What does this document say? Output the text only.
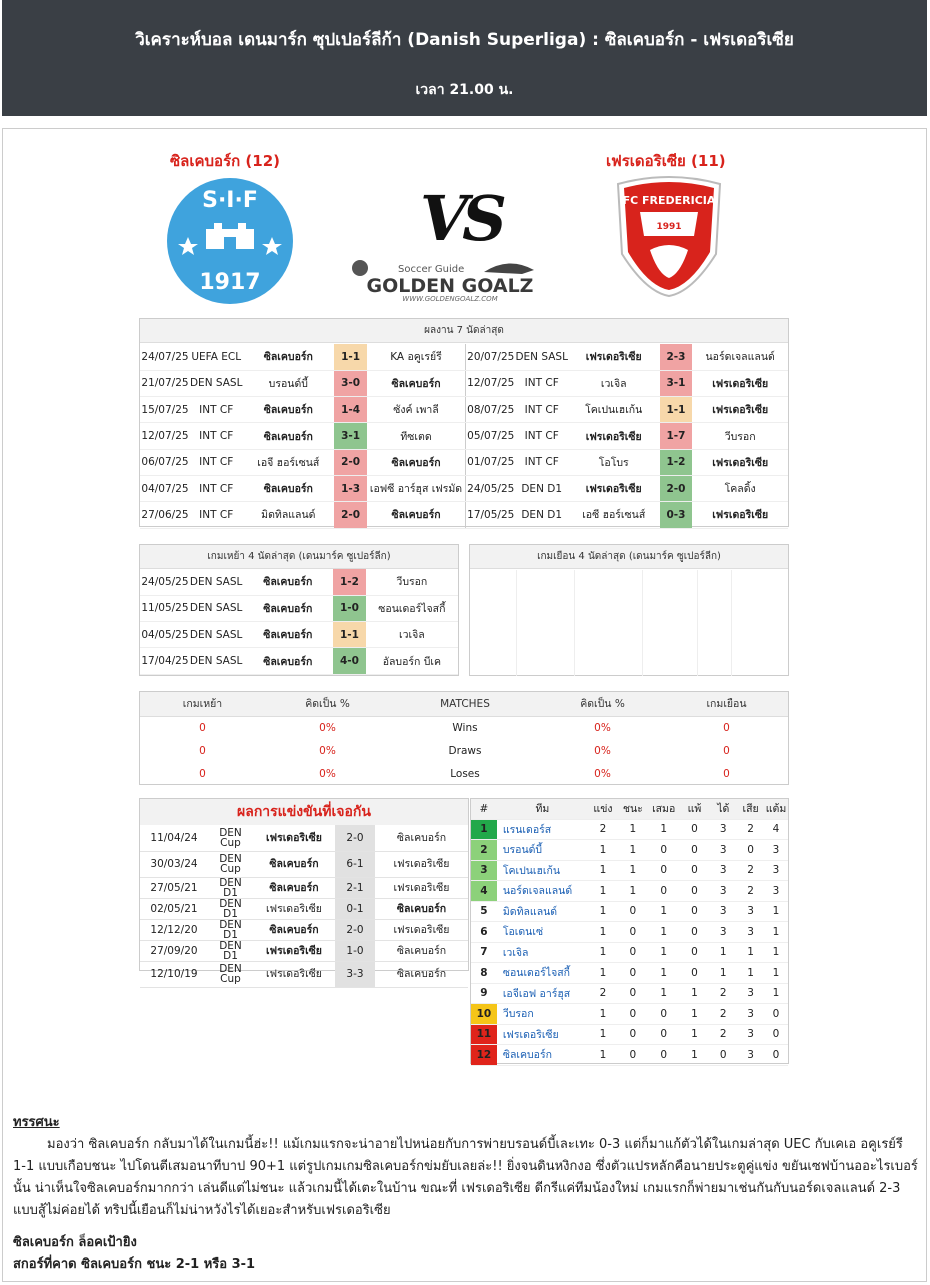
วิเคราะห์บอล เดนมาร์ก ซุปเปอร์ลีก้า (Danish Superliga) : ซิลเคบอร์ก - เฟรเดอริเซีย
เวลา 21.00 น.
ซิลเคบอร์ก (12)	เฟรเดอริเซีย (11)
S·I·F
1917
VS
Soccer Guide
GOLDEN GOALZ
WWW.GOLDENGOALZ.COM
FC FREDERICIA
1991
ผลงาน 7 นัดล่าสุด
24/07/25	UEFA ECL	ซิลเคบอร์ก	1-1	KA อคูเรย์รี
21/07/25	DEN SASL	บรอนด์บี้	3-0	ซิลเคบอร์ก
15/07/25	INT CF	ซิลเคบอร์ก	1-4	ซังค์ เพาลี
12/07/25	INT CF	ซิลเคบอร์ก	3-1	ทีซเตด
06/07/25	INT CF	เอจี ฮอร์เซนส์	2-0	ซิลเคบอร์ก
04/07/25	INT CF	ซิลเคบอร์ก	1-3	เอฟซี อาร์ฮุส เฟรมัด
27/06/25	INT CF	มิดทิลแลนด์	2-0	ซิลเคบอร์ก
20/07/25	DEN SASL	เฟรเดอริเซีย	2-3	นอร์ดเจลแลนด์
12/07/25	INT CF	เวเจิล	3-1	เฟรเดอริเซีย
08/07/25	INT CF	โคเปนเฮเก้น	1-1	เฟรเดอริเซีย
05/07/25	INT CF	เฟรเดอริเซีย	1-7	วีบรอก
01/07/25	INT CF	โอโบร	1-2	เฟรเดอริเซีย
24/05/25	DEN D1	เฟรเดอริเซีย	2-0	โคลดิ้ง
17/05/25	DEN D1	เอซี ฮอร์เซนส์	0-3	เฟรเดอริเซีย
เกมเหย้า 4 นัดล่าสุด (เดนมาร์ค ซูเปอร์ลีก)
24/05/25	DEN SASL	ซิลเคบอร์ก	1-2	วีบรอก
11/05/25	DEN SASL	ซิลเคบอร์ก	1-0	ซอนเดอร์ไจสกี้
04/05/25	DEN SASL	ซิลเคบอร์ก	1-1	เวเจิล
17/04/25	DEN SASL	ซิลเคบอร์ก	4-0	อัลบอร์ก บีเค
เกมเยือน 4 นัดล่าสุด (เดนมาร์ค ซูเปอร์ลีก)
เกมเหย้า	คิดเป็น %	MATCHES	คิดเป็น %	เกมเยือน
0	0%	Wins	0%	0
0	0%	Draws	0%	0
0	0%	Loses	0%	0
ผลการแข่งขันที่เจอกัน
11/04/24	DEN Cup	เฟรเดอริเซีย	2-0	ซิลเคบอร์ก
30/03/24	DEN Cup	ซิลเคบอร์ก	6-1	เฟรเดอริเซีย
27/05/21	DEN D1	ซิลเคบอร์ก	2-1	เฟรเดอริเซีย
02/05/21	DEN D1	เฟรเดอริเซีย	0-1	ซิลเคบอร์ก
12/12/20	DEN D1	ซิลเคบอร์ก	2-0	เฟรเดอริเซีย
27/09/20	DEN D1	เฟรเดอริเซีย	1-0	ซิลเคบอร์ก
12/10/19	DEN Cup	เฟรเดอริเซีย	3-3	ซิลเคบอร์ก
#	ทีม	แข่ง	ชนะ	เสมอ	แพ้	ได้	เสีย	แต้ม
1	แรนเดอร์ส	2	1	1	0	3	2	4
2	บรอนด์บี้	1	1	0	0	3	0	3
3	โคเปนเฮเก้น	1	1	0	0	3	2	3
4	นอร์ดเจลแลนด์	1	1	0	0	3	2	3
5	มิดทิลแลนด์	1	0	1	0	3	3	1
6	โอเดนเซ่	1	0	1	0	3	3	1
7	เวเจิล	1	0	1	0	1	1	1
8	ซอนเดอร์ไจสกี้	1	0	1	0	1	1	1
9	เอจีเอฟ อาร์ฮุส	2	0	1	1	2	3	1
10	วีบรอก	1	0	0	1	2	3	0
11	เฟรเดอริเซีย	1	0	0	1	2	3	0
12	ซิลเคบอร์ก	1	0	0	1	0	3	0
ทรรศนะ

มองว่า ซิลเคบอร์ก กลับมาได้ในเกมนี้ฮ่ะ!! แม้เกมแรกจะน่าอายไปหน่อยกับการพ่ายบรอนด์บี้เละเทะ 0-3 แต่ก็มาแก้ตัวได้ในเกมล่าสุด UEC กับเคเอ อคูเรย์รี 1-1 แบบเกือบชนะ ไปโดนตีเสมอนาทีบาป 90+1 แต่รูปเกมเกมซิลเคบอร์กข่มยับเลยล่ะ!! ยิ่งจนดินหงิกงอ ซึ่งตัวแปรหลักคือนายประตูคู่แข่ง ขยันเซฟบ้านออะไรเบอร์นั้น น่าเห็นใจซิลเคบอร์กมากกว่า เล่นดีแต่ไม่ชนะ แล้วเกมนี้ได้เตะในบ้าน ขณะที่ เฟรเดอริเซีย ดีกรีแค่ทีมน้องใหม่ เกมแรกก็พ่ายมาเช่นกันกับนอร์ดเจลแลนด์ 2-3 แบบสู้ไม่ค่อยได้ ทริปนี้เยือนก็ไม่น่าหวังไรได้เยอะสำหรับเฟรเดอริเซีย

ซิลเคบอร์ก ล็อคเป้ายิง
สกอร์ที่คาด ซิลเคบอร์ก ชนะ 2-1 หรือ 3-1
